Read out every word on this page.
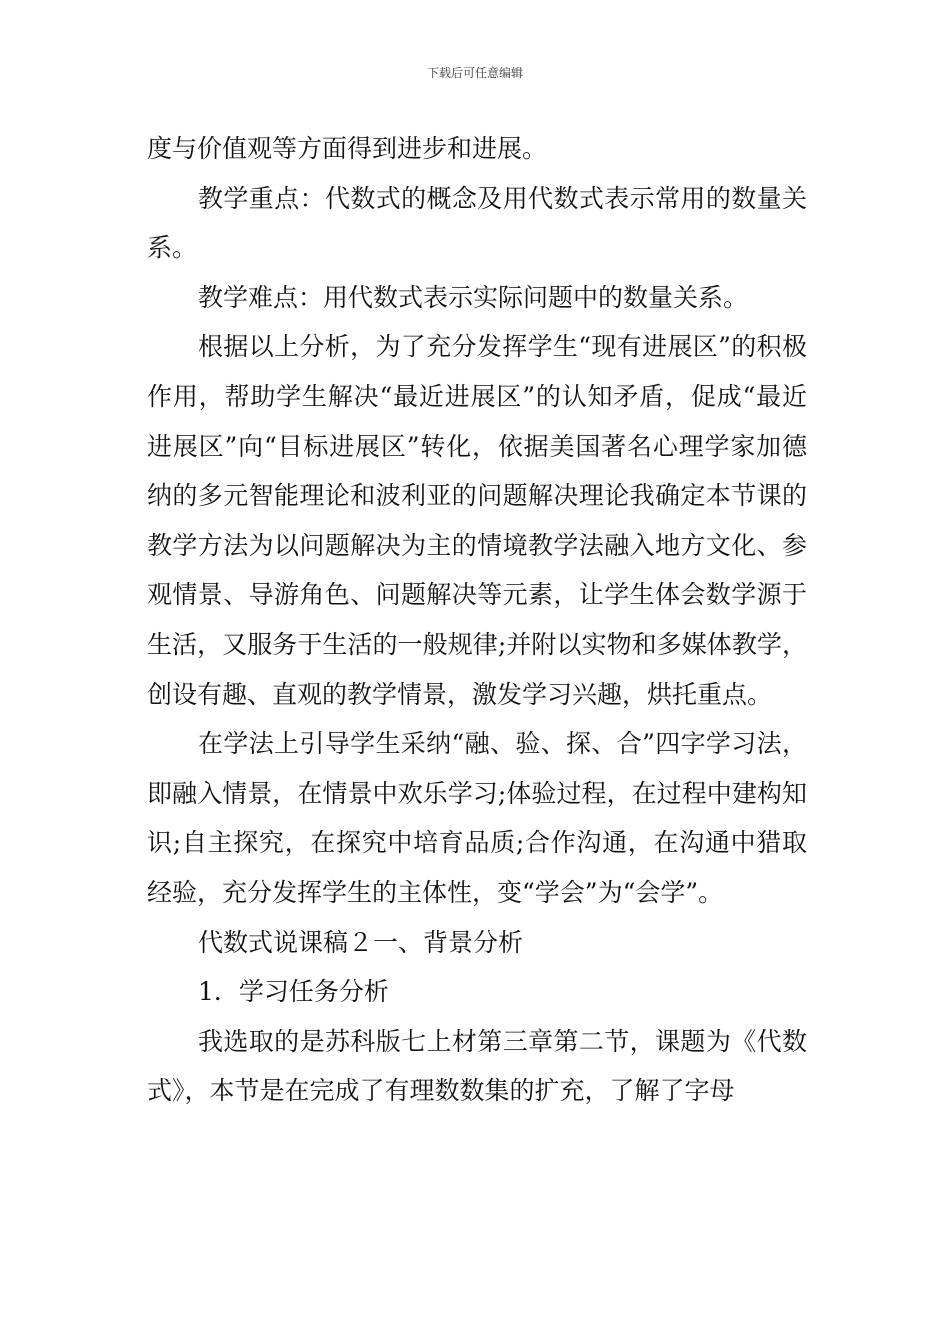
下载后可任意编辑

度与价值观等方面得到进步和进展。

教学重点：代数式的概念及用代数式表示常用的数量关系。

教学难点：用代数式表示实际问题中的数量关系。

根据以上分析，为了充分发挥学生“现有进展区”的积极作用，帮助学生解决“最近进展区”的认知矛盾，促成“最近进展区”向“目标进展区”转化，依据美国著名心理学家加德纳的多元智能理论和波利亚的问题解决理论我确定本节课的教学方法为以问题解决为主的情境教学法融入地方文化、参观情景、导游角色、问题解决等元素，让学生体会数学源于生活，又服务于生活的一般规律;并附以实物和多媒体教学，创设有趣、直观的教学情景，激发学习兴趣，烘托重点。

在学法上引导学生采纳“融、验、探、合”四字学习法，即融入情景，在情景中欢乐学习;体验过程，在过程中建构知识;自主探究，在探究中培育品质;合作沟通，在沟通中猎取经验，充分发挥学生的主体性，变“学会”为“会学”。

代数式说课稿２一、背景分析

1．学习任务分析

我选取的是苏科版七上材第三章第二节，课题为《代数式》，本节是在完成了有理数数集的扩充，了解了字母
